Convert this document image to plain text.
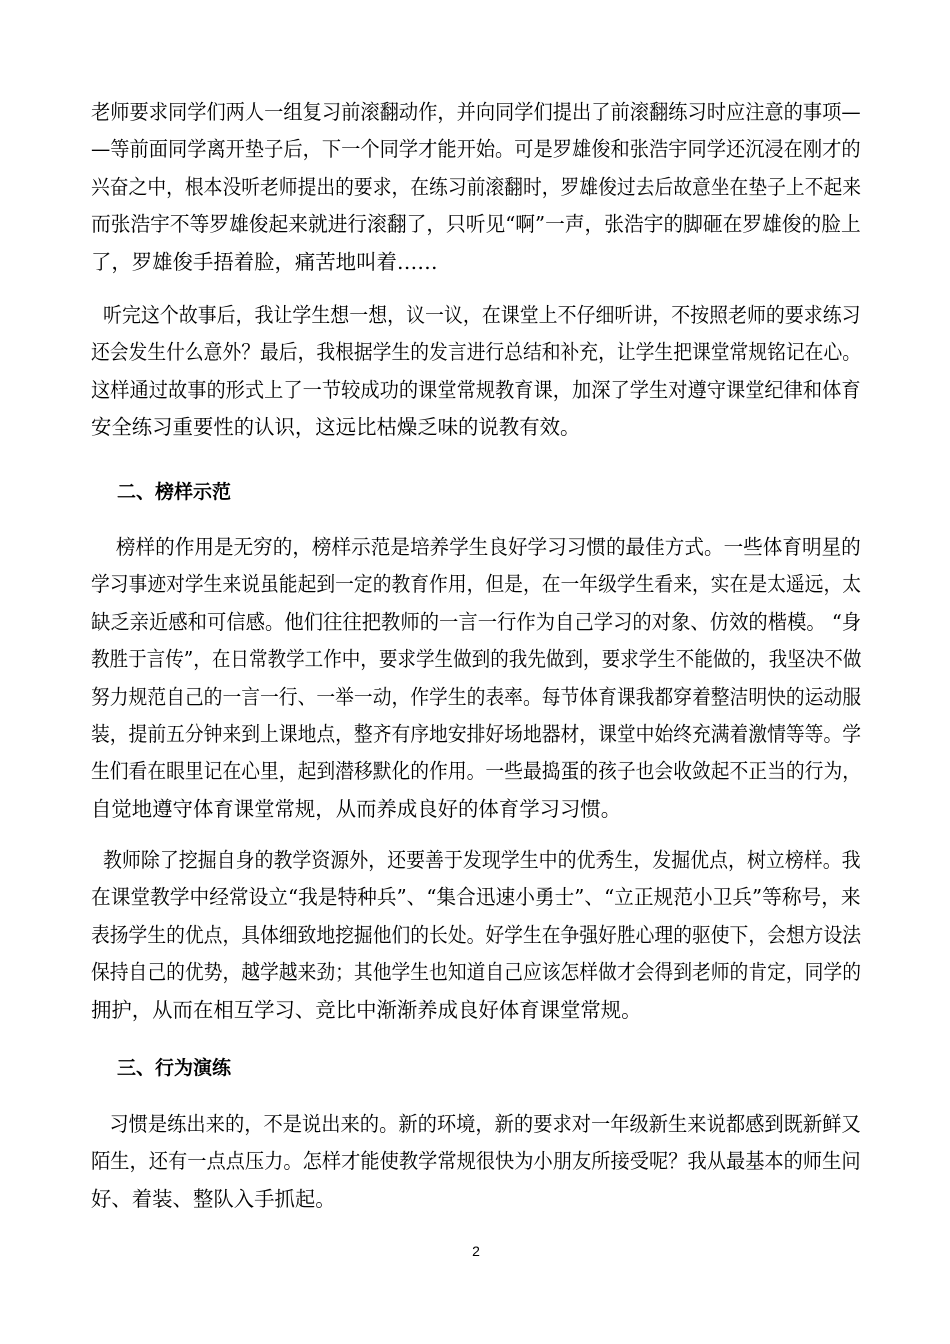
老师要求同学们两人一组复习前滚翻动作，并向同学们提出了前滚翻练习时应注意的事项—
—等前面同学离开垫子后，下一个同学才能开始。可是罗雄俊和张浩宇同学还沉浸在刚才的
兴奋之中，根本没听老师提出的要求，在练习前滚翻时，罗雄俊过去后故意坐在垫子上不起来
而张浩宇不等罗雄俊起来就进行滚翻了，只听见“啊”一声，张浩宇的脚砸在罗雄俊的脸上
了，罗雄俊手捂着脸，痛苦地叫着……
听完这个故事后，我让学生想一想，议一议，在课堂上不仔细听讲，不按照老师的要求练习
还会发生什么意外？最后，我根据学生的发言进行总结和补充，让学生把课堂常规铭记在心。
这样通过故事的形式上了一节较成功的课堂常规教育课，加深了学生对遵守课堂纪律和体育
安全练习重要性的认识，这远比枯燥乏味的说教有效。
二、榜样示范
榜样的作用是无穷的，榜样示范是培养学生良好学习习惯的最佳方式。一些体育明星的
学习事迹对学生来说虽能起到一定的教育作用，但是，在一年级学生看来，实在是太遥远，太
缺乏亲近感和可信感。他们往往把教师的一言一行作为自己学习的对象、仿效的楷模。 “身
教胜于言传”，在日常教学工作中，要求学生做到的我先做到，要求学生不能做的，我坚决不做
努力规范自己的一言一行、一举一动，作学生的表率。每节体育课我都穿着整洁明快的运动服
装，提前五分钟来到上课地点，整齐有序地安排好场地器材，课堂中始终充满着激情等等。学
生们看在眼里记在心里，起到潜移默化的作用。一些最捣蛋的孩子也会收敛起不正当的行为，
自觉地遵守体育课堂常规，从而养成良好的体育学习习惯。
教师除了挖掘自身的教学资源外，还要善于发现学生中的优秀生，发掘优点，树立榜样。我
在课堂教学中经常设立“我是特种兵”、“集合迅速小勇士”、“立正规范小卫兵”等称号，来
表扬学生的优点，具体细致地挖掘他们的长处。好学生在争强好胜心理的驱使下，会想方设法
保持自己的优势，越学越来劲；其他学生也知道自己应该怎样做才会得到老师的肯定，同学的
拥护，从而在相互学习、竞比中渐渐养成良好体育课堂常规。
三、行为演练
习惯是练出来的，不是说出来的。新的环境，新的要求对一年级新生来说都感到既新鲜又
陌生，还有一点点压力。怎样才能使教学常规很快为小朋友所接受呢？我从最基本的师生问
好、着装、整队入手抓起。
2
